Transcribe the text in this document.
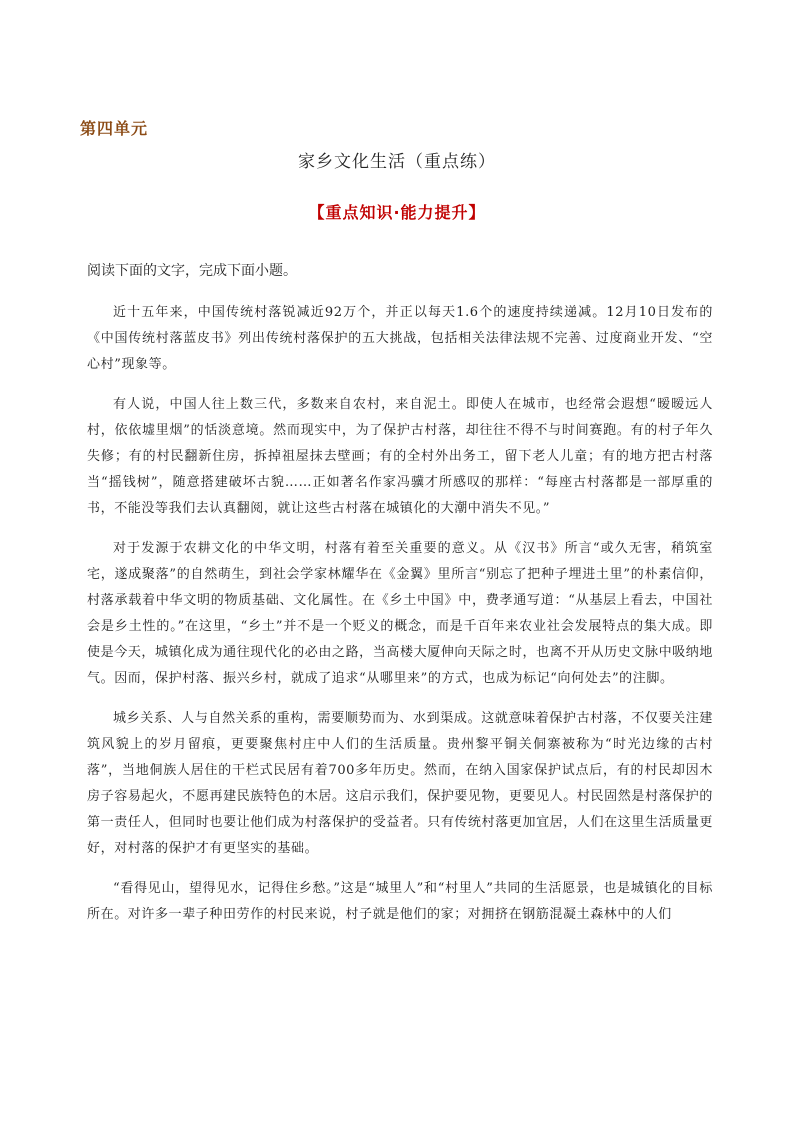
第四单元
家乡文化生活（重点练）
【重点知识·能力提升】
阅读下面的文字，完成下面小题。

近十五年来，中国传统村落锐减近92万个，并正以每天1.6个的速度持续递减。12月10日发布的《中国传统村落蓝皮书》列出传统村落保护的五大挑战，包括相关法律法规不完善、过度商业开发、“空心村”现象等。

有人说，中国人往上数三代，多数来自农村，来自泥土。即使人在城市，也经常会遐想“暧暧远人村，依依墟里烟”的恬淡意境。然而现实中，为了保护古村落，却往往不得不与时间赛跑。有的村子年久失修；有的村民翻新住房，拆掉祖屋抹去壁画；有的全村外出务工，留下老人儿童；有的地方把古村落当“摇钱树”，随意搭建破坏古貌……正如著名作家冯骥才所感叹的那样：“每座古村落都是一部厚重的书，不能没等我们去认真翻阅，就让这些古村落在城镇化的大潮中消失不见。”

对于发源于农耕文化的中华文明，村落有着至关重要的意义。从《汉书》所言“或久无害，稍筑室宅，遂成聚落”的自然萌生，到社会学家林耀华在《金翼》里所言“别忘了把种子埋进土里”的朴素信仰，村落承载着中华文明的物质基础、文化属性。在《乡土中国》中，费孝通写道：“从基层上看去，中国社会是乡土性的。”在这里，“乡土”并不是一个贬义的概念，而是千百年来农业社会发展特点的集大成。即使是今天，城镇化成为通往现代化的必由之路，当高楼大厦伸向天际之时，也离不开从历史文脉中吸纳地气。因而，保护村落、振兴乡村，就成了追求“从哪里来”的方式，也成为标记“向何处去”的注脚。

城乡关系、人与自然关系的重构，需要顺势而为、水到渠成。这就意味着保护古村落，不仅要关注建筑风貌上的岁月留痕，更要聚焦村庄中人们的生活质量。贵州黎平铜关侗寨被称为“时光边缘的古村落”，当地侗族人居住的干栏式民居有着700多年历史。然而，在纳入国家保护试点后，有的村民却因木房子容易起火，不愿再建民族特色的木居。这启示我们，保护要见物，更要见人。村民固然是村落保护的第一责任人，但同时也要让他们成为村落保护的受益者。只有传统村落更加宜居，人们在这里生活质量更好，对村落的保护才有更坚实的基础。

“看得见山，望得见水，记得住乡愁。”这是“城里人”和“村里人”共同的生活愿景，也是城镇化的目标所在。对许多一辈子种田劳作的村民来说，村子就是他们的家；对拥挤在钢筋混凝土森林中的人们
